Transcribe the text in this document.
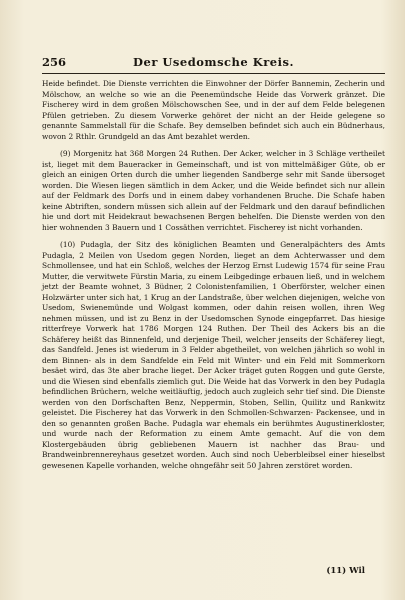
256	Der Usedomsche Kreis.

Heide befindet. Die Dienste verrichten die Einwohner der Dörfer Bannemin, Zecherin und Mölschow, an welche so wie an die Peenemündsche Heide das Vorwerk gränzet. Die Fischerey wird in dem großen Mölschowschen See, und in der auf dem Felde belegenen Pfülen getrieben. Zu diesem Vorwerke gehöret der nicht an der Heide gelegene so genannte Sammelstall für die Schafe. Bey demselben befindet sich auch ein Büdnerhaus, wovon 2 Rthlr. Grundgeld an das Amt bezahlet werden.

(9) Morgenitz hat 368 Morgen 24 Ruthen. Der Acker, welcher in 3 Schläge vertheilet ist, lieget mit dem Baueracker in Gemeinschaft, und ist von mittelmäßiger Güte, ob er gleich an einigen Orten durch die umher liegenden Sandberge sehr mit Sande übersoget worden. Die Wiesen liegen sämtlich in dem Acker, und die Weide befindet sich nur allein auf der Feldmark des Dorfs und in einem dabey vorhandenen Bruche. Die Schafe haben keine Abtriften, sondern müssen sich allein auf der Feldmark und den darauf befindlichen hie und dort mit Heidekraut bewachsenen Bergen behelfen. Die Dienste werden von den hier wohnenden 3 Bauern und 1 Cossäthen verrichtet. Fischerey ist nicht vorhanden.

(10) Pudagla, der Sitz des königlichen Beamten und Generalpächters des Amts Pudagla, 2 Meilen von Usedom gegen Norden, lieget an dem Achterwasser und dem Schmollensee, und hat ein Schloß, welches der Herzog Ernst Ludewig 1574 für seine Frau Mutter, die verwitwete Fürstin Maria, zu einem Leibgedinge erbauen ließ, und in welchem jetzt der Beamte wohnet, 3 Büdner, 2 Colonistenfamilien, 1 Oberförster, welcher einen Holzwärter unter sich hat, 1 Krug an der Landstraße, über welchen diejenigen, welche von Usedom, Swienemünde und Wolgast kommen, oder dahin reisen wollen, ihren Weg nehmen müssen, und ist zu Benz in der Usedomschen Synode eingepfarret. Das hiesige ritterfreye Vorwerk hat 1786 Morgen 124 Ruthen. Der Theil des Ackers bis an die Schäferey heißt das Binnenfeld, und derjenige Theil, welcher jenseits der Schäferey liegt, das Sandfeld. Jenes ist wiederum in 3 Felder abgetheilet, von welchen jährlich so wohl in dem Binnen- als in dem Sandfelde ein Feld mit Winter- und ein Feld mit Sommerkorn besäet wird, das 3te aber brache lieget. Der Acker träget guten Roggen und gute Gerste, und die Wiesen sind ebenfalls ziemlich gut. Die Weide hat das Vorwerk in den bey Pudagla befindlichen Brüchern, welche weitläuftig, jedoch auch zugleich sehr tief sind. Die Dienste werden von den Dorfschaften Benz, Neppermin, Stoben, Sellin, Quilitz und Rankwitz geleistet. Die Fischerey hat das Vorwerk in den Schmollen-Schwarzen- Packensee, und in den so genannten großen Bache. Pudagla war ehemals ein berühmtes Augustinerkloster, und wurde nach der Reformation zu einem Amte gemacht. Auf die von dem Klostergebäuden übrig gebliebenen Mauern ist nachher das Brau- und Brandweinbrennereyhaus gesetzet worden. Auch sind noch Ueberbleibsel einer hieselbst gewesenen Kapelle vorhanden, welche ohngefähr seit 50 Jahren zerstöret worden.

(11) Wil
